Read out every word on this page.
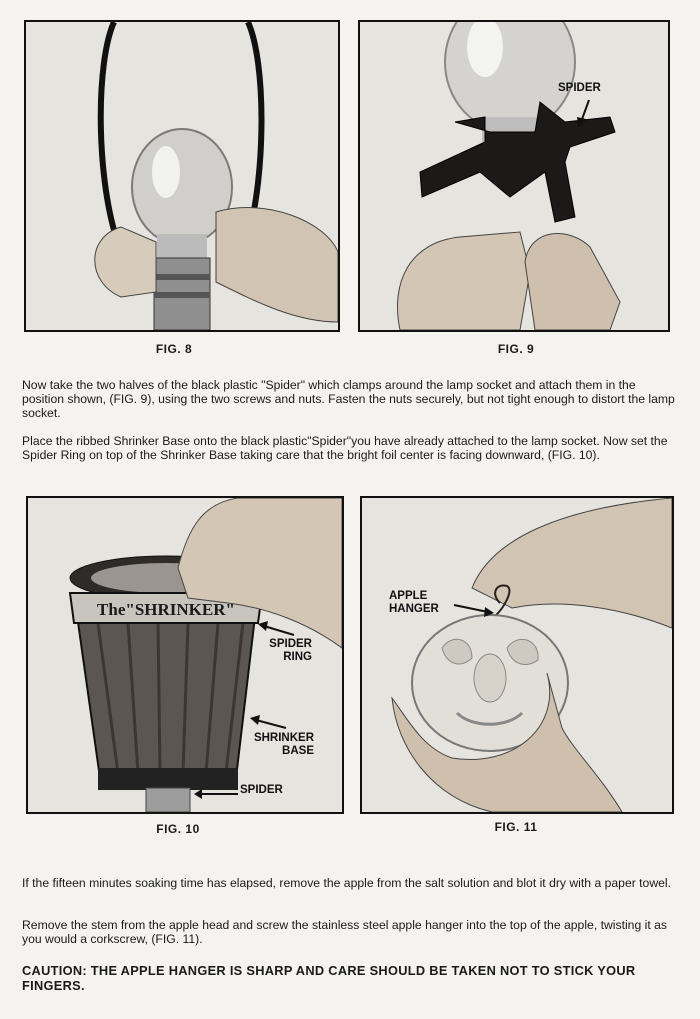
FIG. 8
SPIDER
FIG. 9

Now take the two halves of the black plastic "Spider" which clamps around the lamp socket and attach them in the position shown, (FIG. 9), using the two screws and nuts. Fasten the nuts securely, but not tight enough to distort the lamp socket.

Place the ribbed Shrinker Base onto the black plastic"Spider"you have already attached to the lamp socket. Now set the Spider Ring on top of the Shrinker Base taking care that the bright foil center is facing downward, (FIG. 10).

The"SHRINKER"
SPIDER
RING
SHRINKER
BASE
SPIDER
FIG. 10
APPLE
HANGER
FIG. 11

If the fifteen minutes soaking time has elapsed, remove the apple from the salt solution and blot it dry with a paper towel.

Remove the stem from the apple head and screw the stainless steel apple hanger into the top of the apple, twisting it as you would a corkscrew, (FIG. 11).

CAUTION: THE APPLE HANGER IS SHARP AND CARE SHOULD BE TAKEN NOT TO STICK YOUR FINGERS.
